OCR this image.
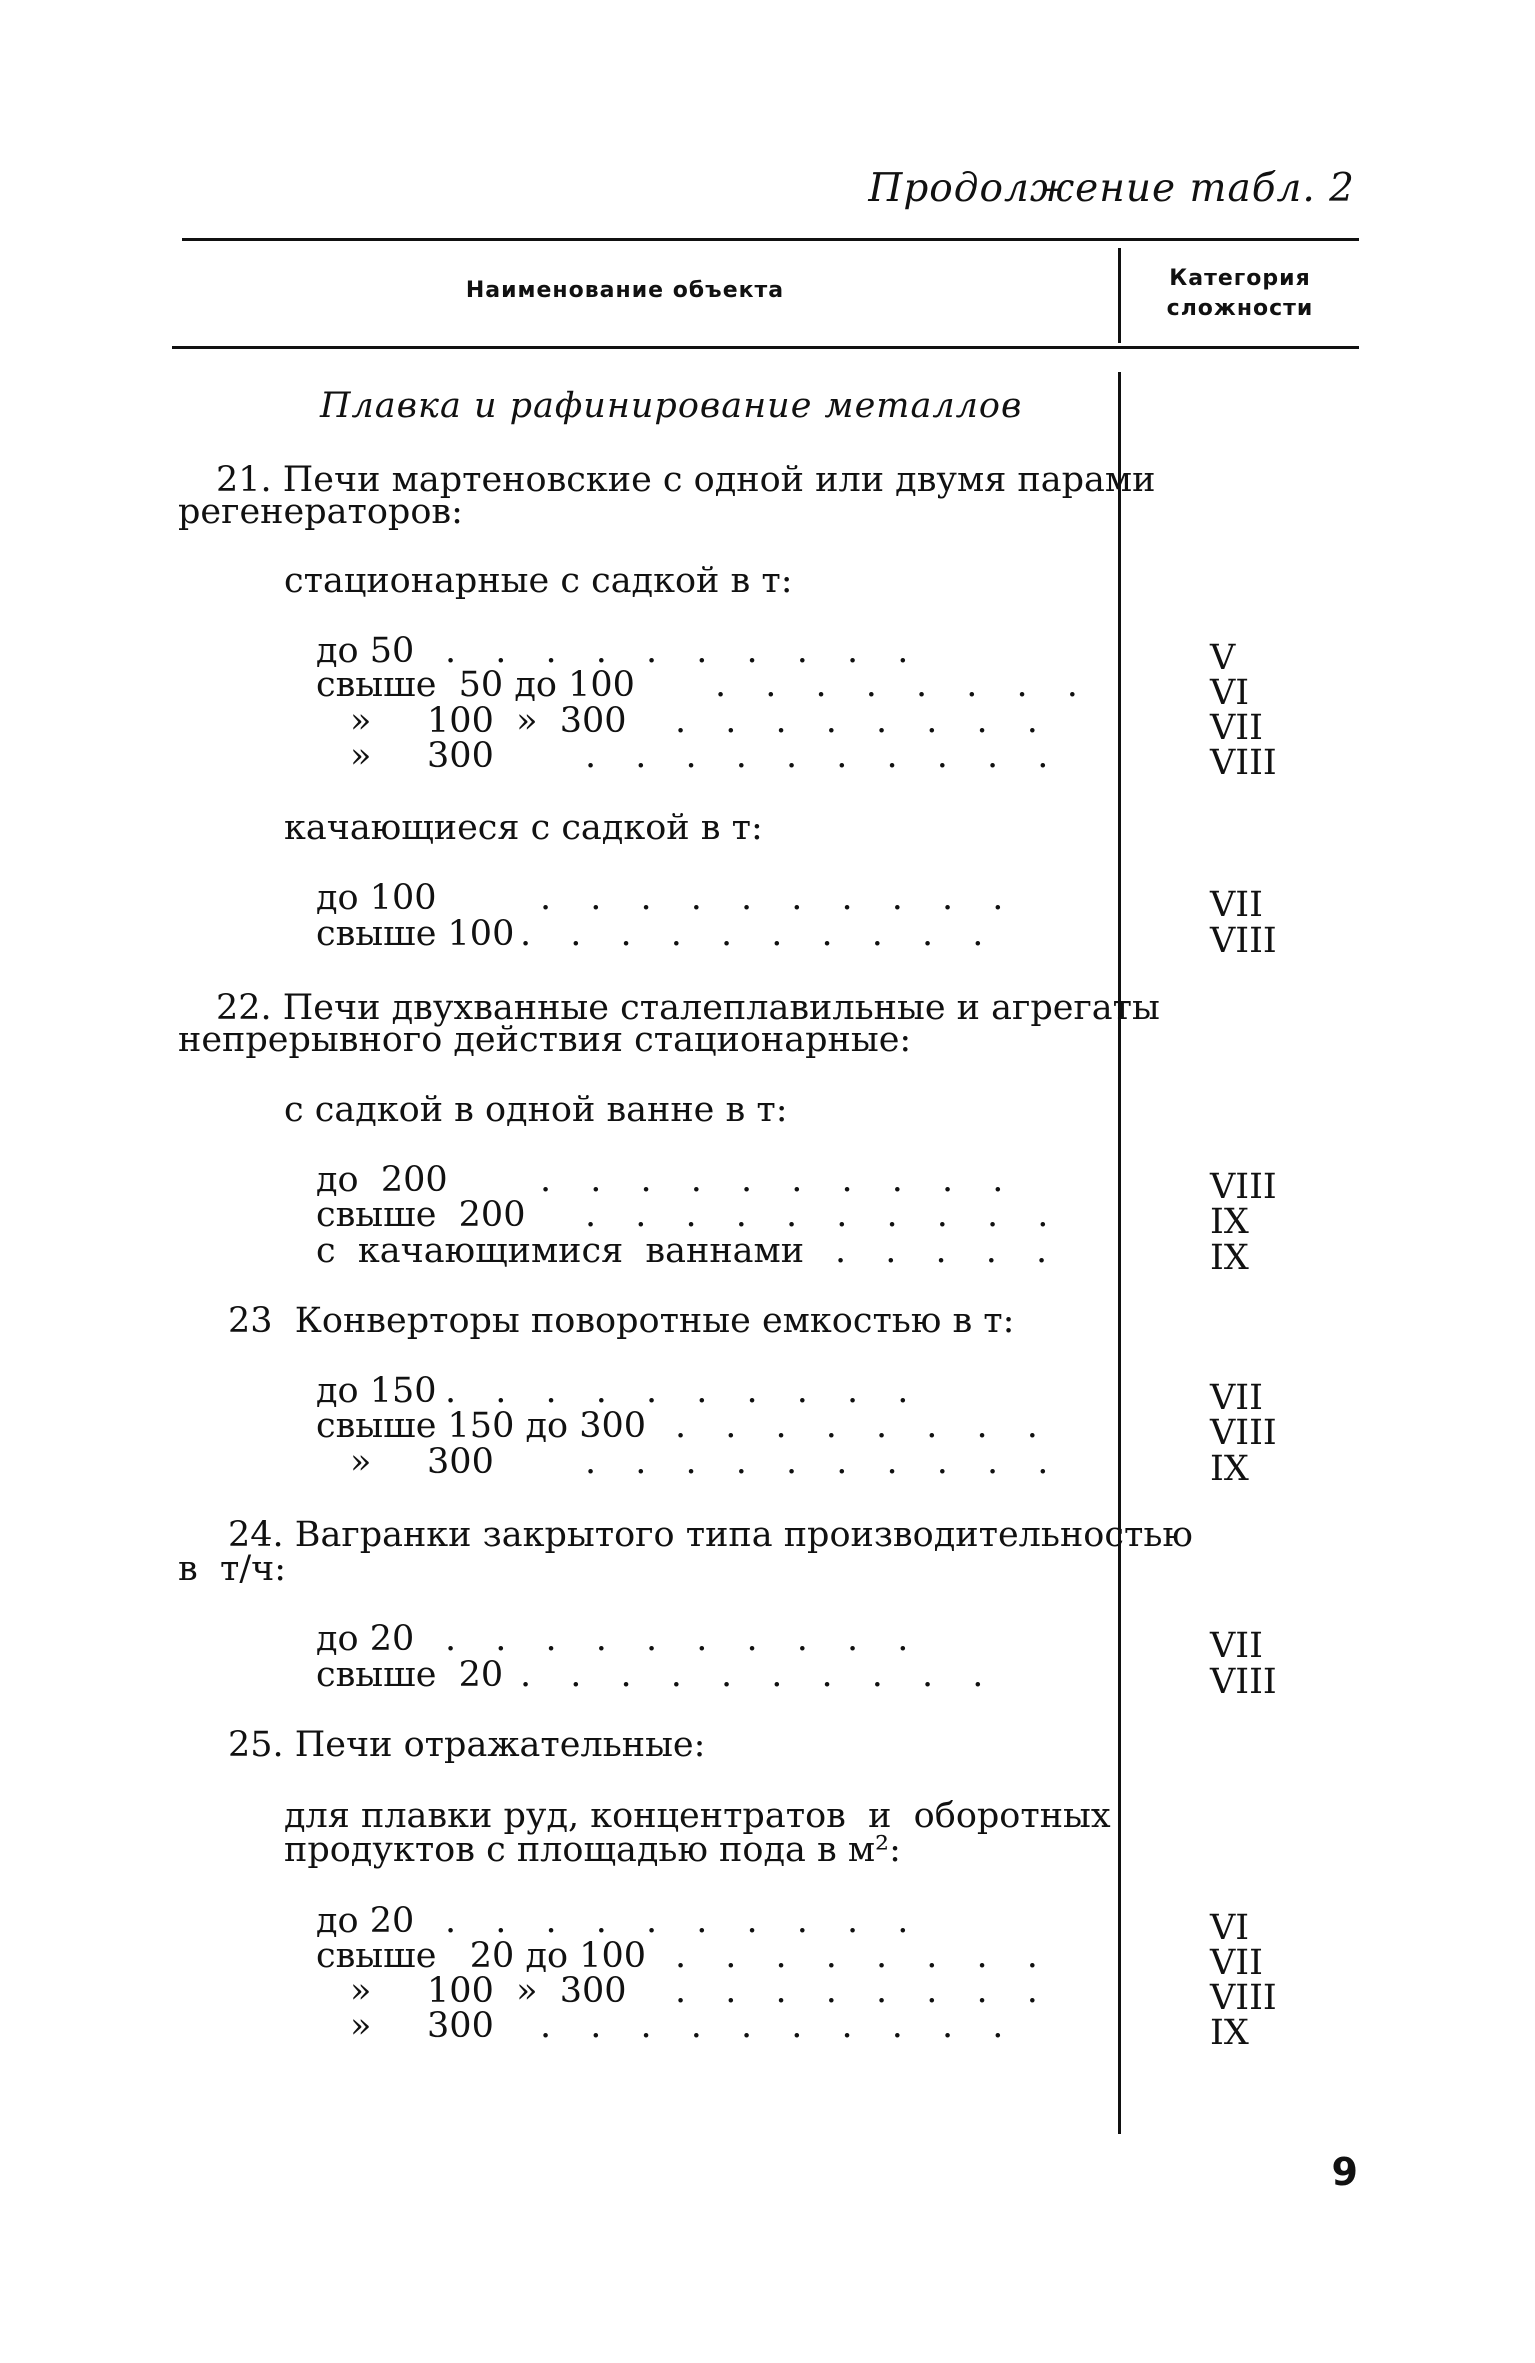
Продолжение табл. 2
Наименование объекта	Категория
сложности
Плавка и рафинирование металлов
21. Печи мартеновские с одной или двумя парами
регенераторов:
стационарные с садкой в т:
до 50
свыше  50 до 100
»     100  »  300
»     300
. . . . . . . . . .
. . . . . . . .
. . . . . . . .
. . . . . . . . . .
V
VI
VII
VIII
качающиеся с садкой в т:
до 100
свыше 100
. . . . . . . . . .
. . . . . . . . . .
VII
VIII
22. Печи двухванные сталеплавильные и агрегаты
непрерывного действия стационарные:
с садкой в одной ванне в т:
до  200
свыше  200
с  качающимися  ваннами
. . . . . . . . . .
. . . . . . . . . .
. . . . .
VIII
IX
IX
23  Конверторы поворотные емкостью в т:
до 150
свыше 150 до 300
»     300
. . . . . . . . . .
. . . . . . . .
. . . . . . . . . .
VII
VIII
IX
24. Вагранки закрытого типа производительностью
в  т/ч:
до 20
свыше  20
. . . . . . . . . .
. . . . . . . . . .
VII
VIII
25. Печи отражательные:
для плавки руд, концентратов  и  оборотных
продуктов с площадью пода в м²:
до 20
свыше   20 до 100
»     100  »  300
»     300
. . . . . . . . . .
. . . . . . . .
. . . . . . . .
. . . . . . . . . .
VI
VII
VIII
IX
9
